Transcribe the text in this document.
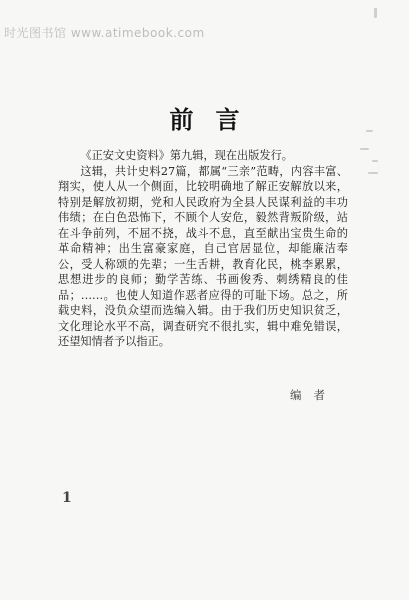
时光图书馆 www.atimebook.com
前言

《正安文史资料》第九辑，现在出版发行。

这辑，共计史料27篇，都属“三亲”范畴，内容丰富、翔实，使人从一个侧面，比较明确地了解正安解放以来，特别是解放初期，党和人民政府为全县人民谋利益的丰功伟绩；在白色恐怖下，不顾个人安危，毅然背叛阶级，站在斗争前列，不屈不挠，战斗不息，直至献出宝贵生命的革命精神；出生富豪家庭，自己官居显位，却能廉洁奉公，受人称颂的先辈；一生舌耕，教育化民，桃李累累，思想进步的良师；勤学苦练、书画俊秀、刺绣精良的佳品；……。也使人知道作恶者应得的可耻下场。总之，所载史料，没负众望而选编入辑。由于我们历史知识贫乏，文化理论水平不高，调查研究不很扎实，辑中难免错误，还望知情者予以指正。

编者
1
